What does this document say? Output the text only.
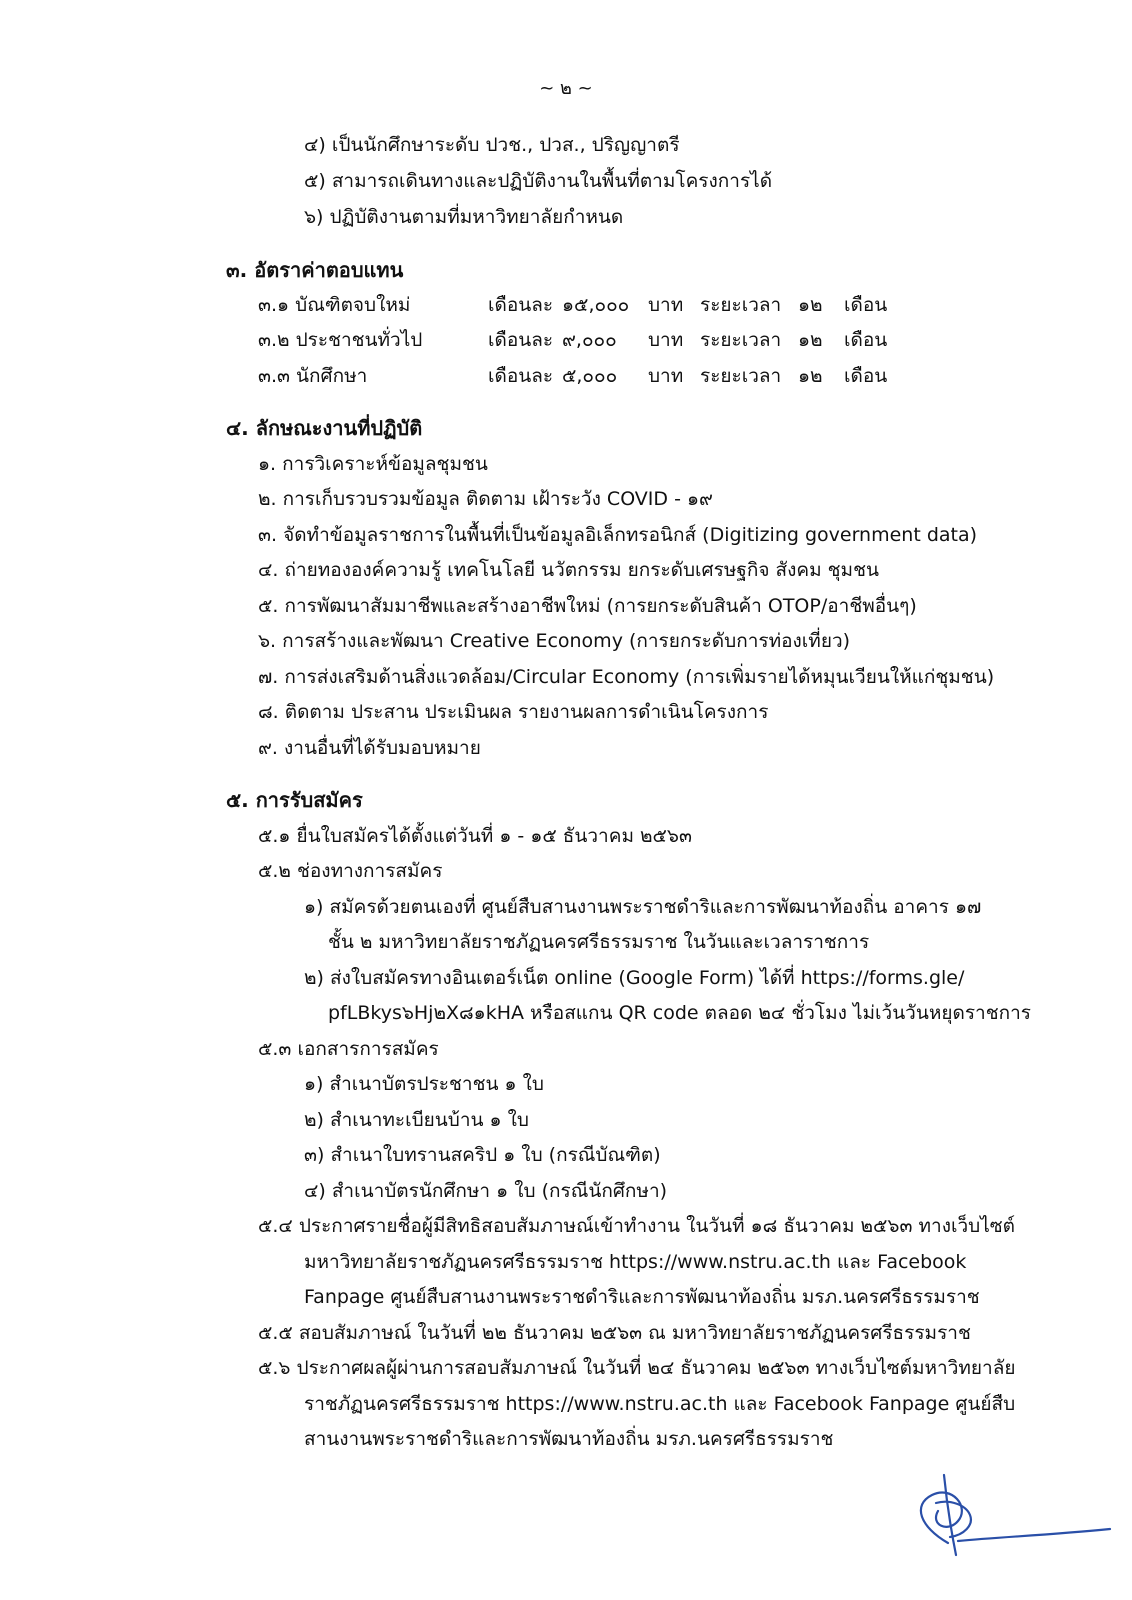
~ ๒ ~
๔) เป็นนักศึกษาระดับ ปวช., ปวส., ปริญญาตรี
๕) สามารถเดินทางและปฏิบัติงานในพื้นที่ตามโครงการได้
๖) ปฏิบัติงานตามที่มหาวิทยาลัยกำหนด
๓. อัตราค่าตอบแทน
๓.๑ บัณฑิตจบใหม่	เดือนละ ๑๕,๐๐๐ บาท ระยะเวลา ๑๒ เดือน
๓.๒ ประชาชนทั่วไป	เดือนละ ๙,๐๐๐ บาท ระยะเวลา ๑๒ เดือน
๓.๓ นักศึกษา	เดือนละ ๕,๐๐๐ บาท ระยะเวลา ๑๒ เดือน
๔. ลักษณะงานที่ปฏิบัติ
๑. การวิเคราะห์ข้อมูลชุมชน
๒. การเก็บรวบรวมข้อมูล ติดตาม เฝ้าระวัง COVID - ๑๙
๓. จัดทำข้อมูลราชการในพื้นที่เป็นข้อมูลอิเล็กทรอนิกส์ (Digitizing government data)
๔. ถ่ายทององค์ความรู้ เทคโนโลยี นวัตกรรม ยกระดับเศรษฐกิจ สังคม ชุมชน
๕. การพัฒนาสัมมาชีพและสร้างอาชีพใหม่ (การยกระดับสินค้า OTOP/อาชีพอื่นๆ)
๖. การสร้างและพัฒนา Creative Economy (การยกระดับการท่องเที่ยว)
๗. การส่งเสริมด้านสิ่งแวดล้อม/Circular Economy (การเพิ่มรายได้หมุนเวียนให้แก่ชุมชน)
๘. ติดตาม ประสาน ประเมินผล รายงานผลการดำเนินโครงการ
๙. งานอื่นที่ได้รับมอบหมาย
๕. การรับสมัคร
๕.๑ ยื่นใบสมัครได้ตั้งแต่วันที่ ๑ - ๑๕ ธันวาคม ๒๕๖๓
๕.๒ ช่องทางการสมัคร
๑) สมัครด้วยตนเองที่ ศูนย์สืบสานงานพระราชดำริและการพัฒนาท้องถิ่น อาคาร ๑๗
ชั้น ๒ มหาวิทยาลัยราชภัฏนครศรีธรรมราช ในวันและเวลาราชการ
๒) ส่งใบสมัครทางอินเตอร์เน็ต online (Google Form) ได้ที่ https://forms.gle/
pfLBkys๖Hj๒X๘๑kHA หรือสแกน QR code ตลอด ๒๔ ชั่วโมง ไม่เว้นวันหยุดราชการ
๕.๓ เอกสารการสมัคร
๑) สำเนาบัตรประชาชน ๑ ใบ
๒) สำเนาทะเบียนบ้าน ๑ ใบ
๓) สำเนาใบทรานสคริป ๑ ใบ (กรณีบัณฑิต)
๔) สำเนาบัตรนักศึกษา ๑ ใบ (กรณีนักศึกษา)
๕.๔ ประกาศรายชื่อผู้มีสิทธิสอบสัมภาษณ์เข้าทำงาน ในวันที่ ๑๘ ธันวาคม ๒๕๖๓ ทางเว็บไซต์
มหาวิทยาลัยราชภัฏนครศรีธรรมราช https://www.nstru.ac.th และ Facebook
Fanpage ศูนย์สืบสานงานพระราชดำริและการพัฒนาท้องถิ่น มรภ.นครศรีธรรมราช
๕.๕ สอบสัมภาษณ์ ในวันที่ ๒๒ ธันวาคม ๒๕๖๓ ณ มหาวิทยาลัยราชภัฏนครศรีธรรมราช
๕.๖ ประกาศผลผู้ผ่านการสอบสัมภาษณ์ ในวันที่ ๒๔ ธันวาคม ๒๕๖๓ ทางเว็บไซต์มหาวิทยาลัย
ราชภัฏนครศรีธรรมราช https://www.nstru.ac.th และ Facebook Fanpage ศูนย์สืบ
สานงานพระราชดำริและการพัฒนาท้องถิ่น มรภ.นครศรีธรรมราช
